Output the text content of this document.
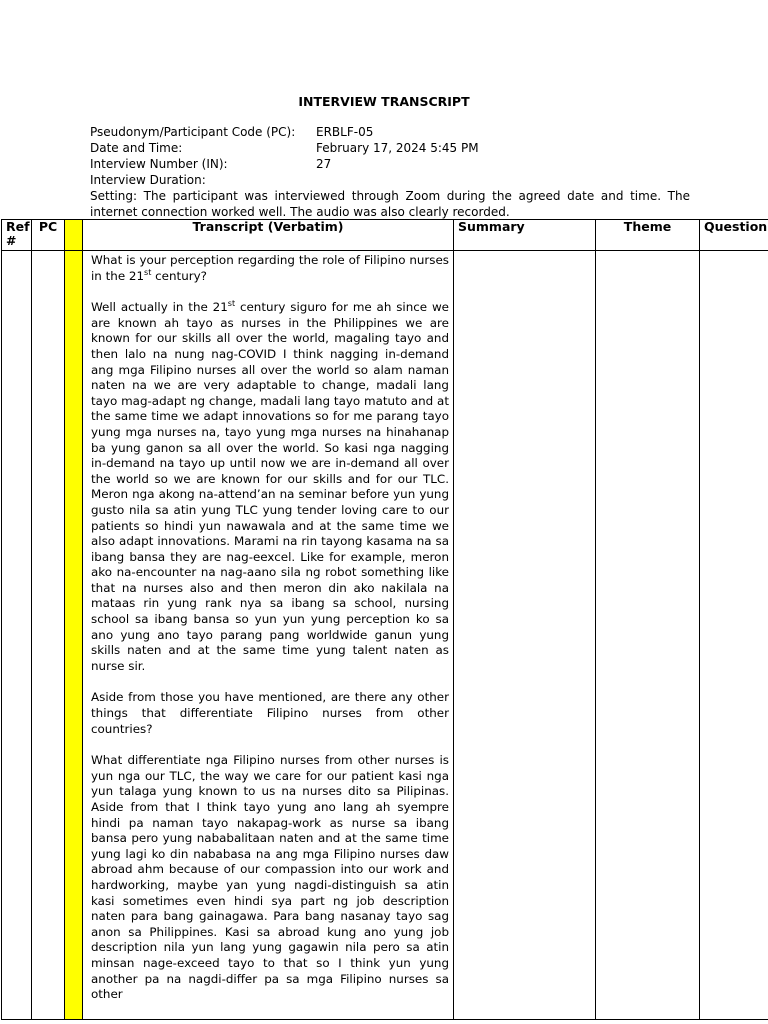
INTERVIEW TRANSCRIPT
Pseudonym/Participant Code (PC):	ERBLF-05
Date and Time:	February 17, 2024 5:45 PM
Interview Number (IN):	27
Interview Duration:
Setting: The participant was interviewed through Zoom during the agreed date and time. The internet connection worked well. The audio was also clearly recorded.
Ref #	PC		Transcript (Verbatim)	Summary	Theme	Question

			What is your perception regarding the role of Filipino nurses in the 21st century?

Well actually in the 21st century siguro for me ah since we are known ah tayo as nurses in the Philippines we are known for our skills all over the world, magaling tayo and then lalo na nung nag-COVID I think nagging in-demand ang mga Filipino nurses all over the world so alam naman naten na we are very adaptable to change, madali lang tayo mag-adapt ng change, madali lang tayo matuto and at the same time we adapt innovations so for me parang tayo yung mga nurses na, tayo yung mga nurses na hinahanap ba yung ganon sa all over the world. So kasi nga nagging in-demand na tayo up until now we are in-demand all over the world so we are known for our skills and for our TLC. Meron nga akong na-attend’an na seminar before yun yung gusto nila sa atin yung TLC yung tender loving care to our patients so hindi yun nawawala and at the same time we also adapt innovations. Marami na rin tayong kasama na sa ibang bansa they are nag-eexcel. Like for example, meron ako na-encounter na nag-aano sila ng robot something like that na nurses also and then meron din ako nakilala na mataas rin yung rank nya sa ibang sa school, nursing school sa ibang bansa so yun yun yung perception ko sa ano yung ano tayo parang pang worldwide ganun yung skills naten and at the same time yung talent naten as nurse sir.

Aside from those you have mentioned, are there any other things that differentiate Filipino nurses from other countries?

What differentiate nga Filipino nurses from other nurses is yun nga our TLC, the way we care for our patient kasi nga yun talaga yung known to us na nurses dito sa Pilipinas. Aside from that I think tayo yung ano lang ah syempre hindi pa naman tayo nakapag-work as nurse sa ibang bansa pero yung nababalitaan naten and at the same time yung lagi ko din nababasa na ang mga Filipino nurses daw abroad ahm because of our compassion into our work and hardworking, maybe yan yung nagdi-distinguish sa atin kasi sometimes even hindi sya part ng job description naten para bang gainagawa. Para bang nasanay tayo sag anon sa Philippines. Kasi sa abroad kung ano yung job description nila yun lang yung gagawin nila pero sa atin minsan nage-exceed tayo to that so I think yun yung another pa na nagdi-differ pa sa mga Filipino nurses sa other			
